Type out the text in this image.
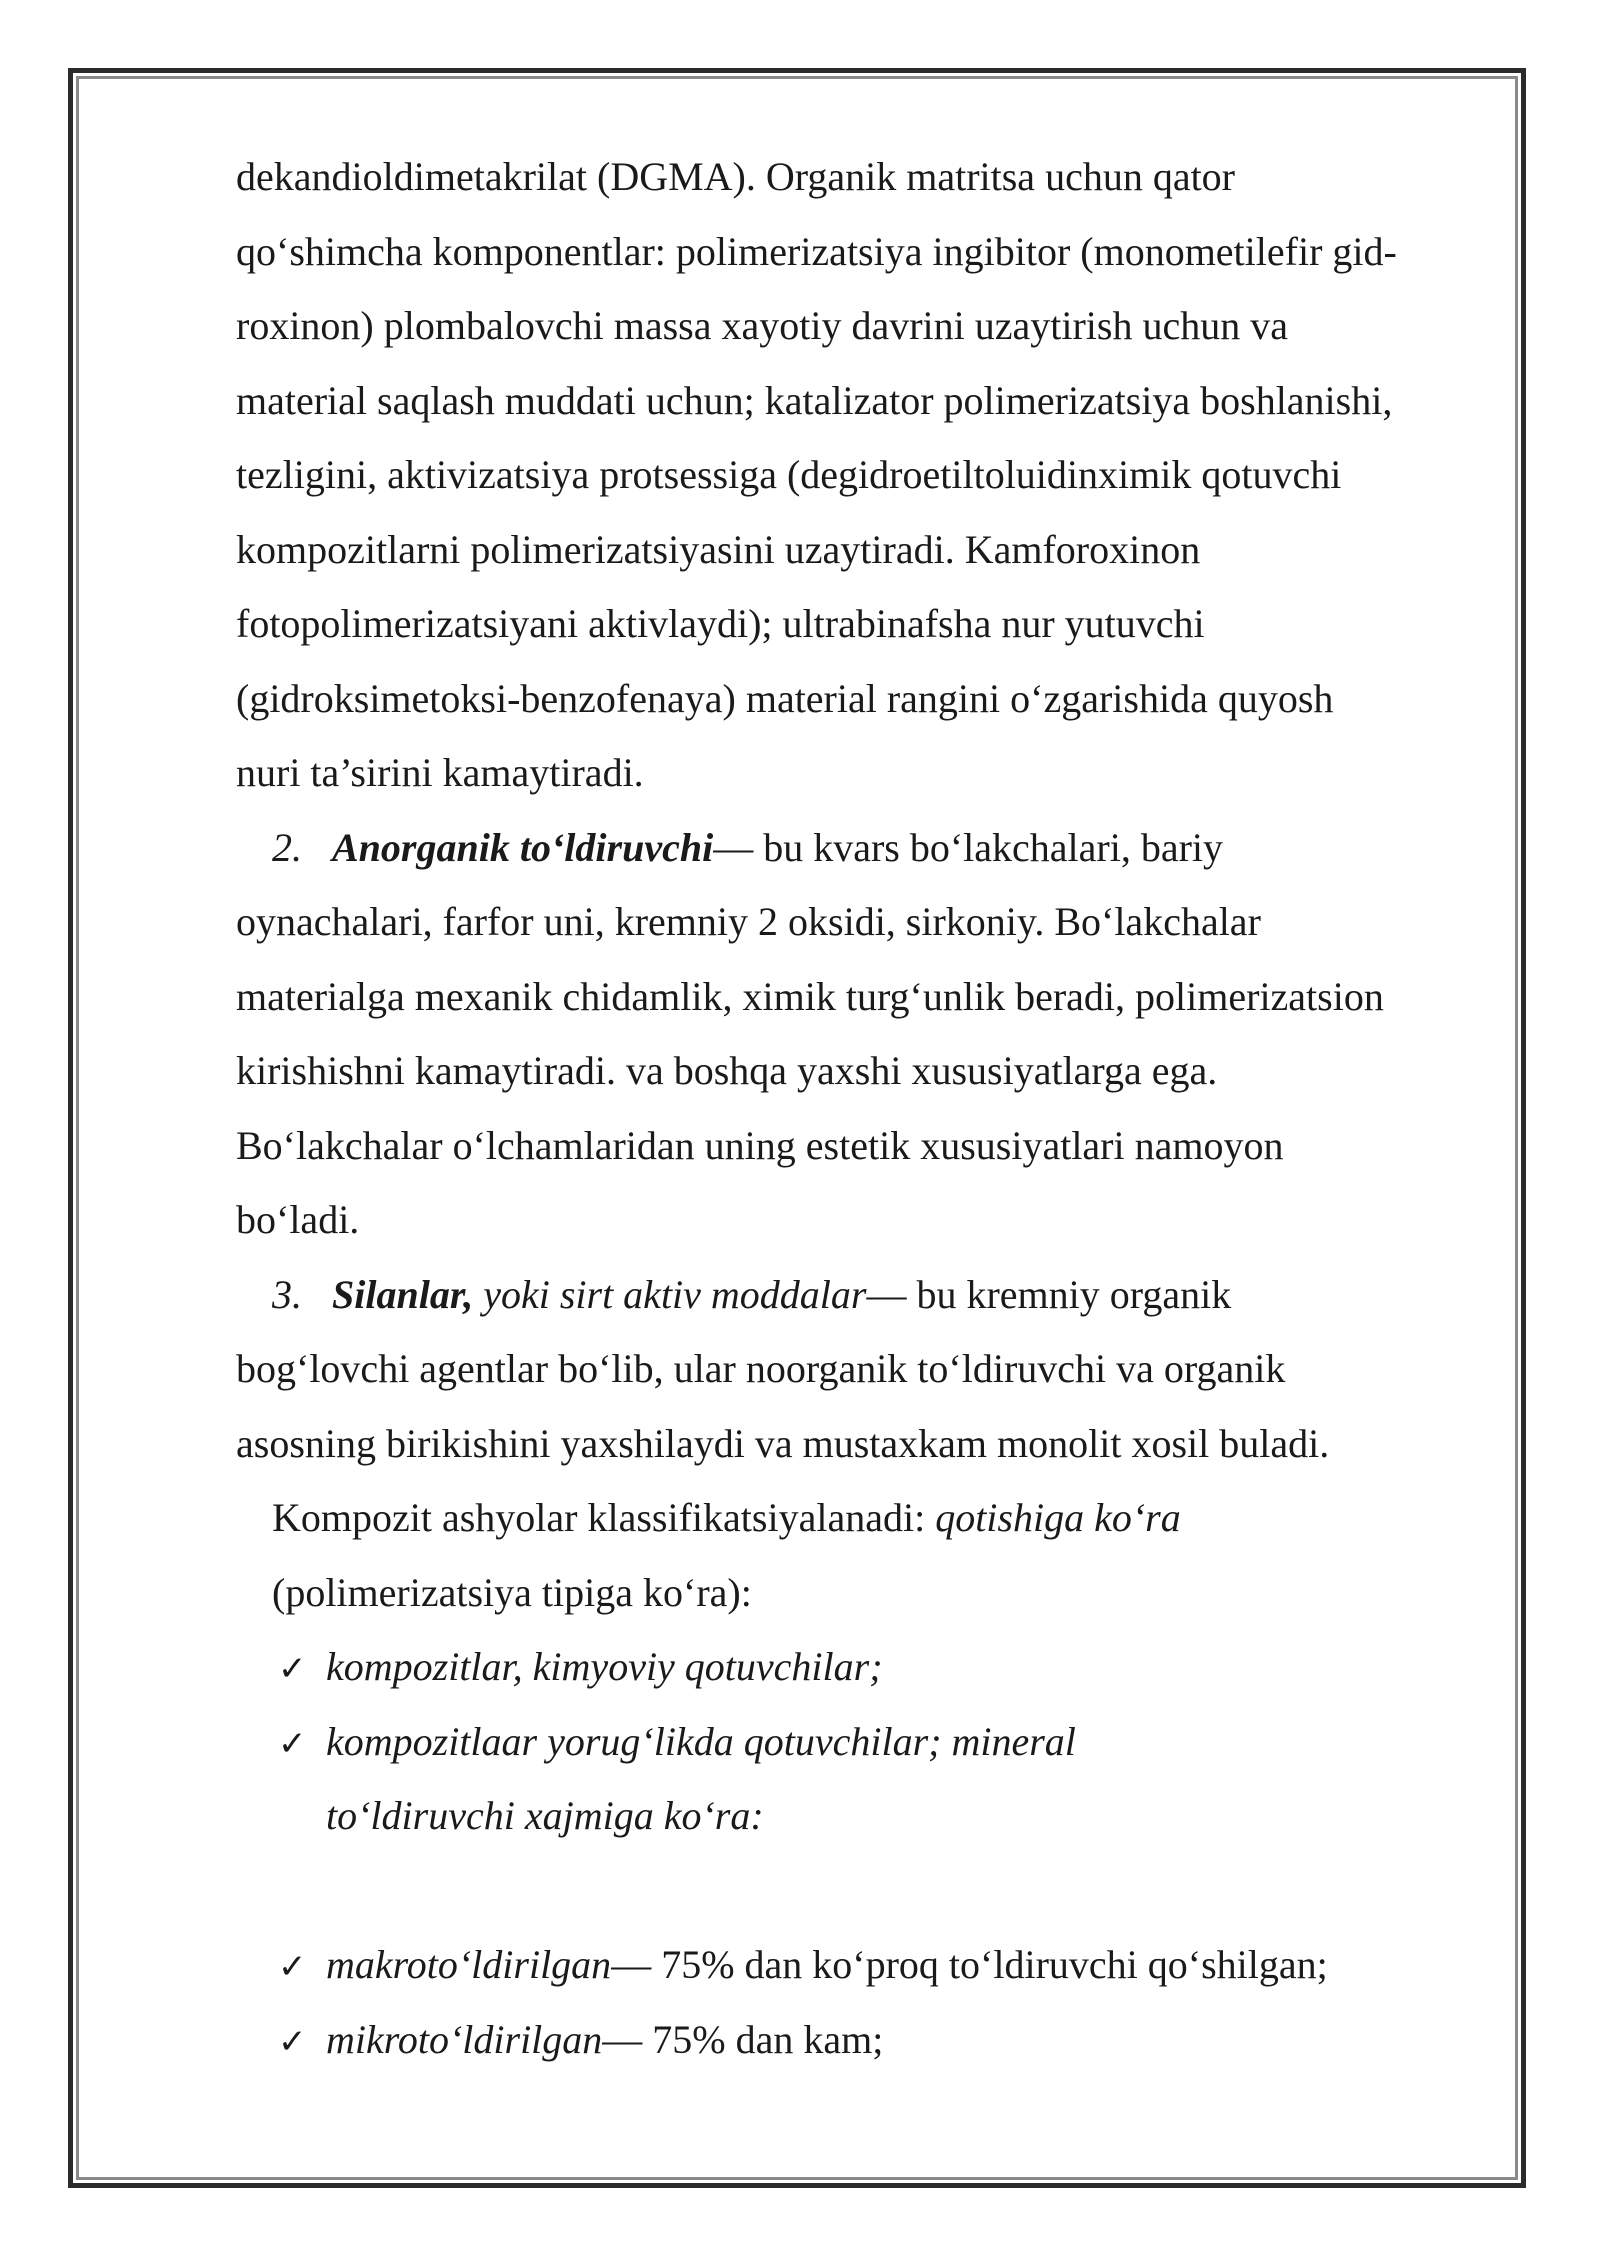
dekandioldimetakrilat (DGMA). Organik matritsa uchun qator
qo‘shimcha komponentlar: polimerizatsiya ingibitor (monometilefir gid-
roxinon) plombalovchi massa xayotiy davrini uzaytirish uchun va
material saqlash muddati uchun; katalizator polimerizatsiya boshlanishi,
tezligini, aktivizatsiya protsessiga (degidroetiltoluidinximik qotuvchi
kompozitlarni polimerizatsiyasini uzaytiradi. Kamforoxinon
fotopolimerizatsiyani aktivlaydi); ultrabinafsha nur yutuvchi
(gidroksimetoksi-benzofenaya) material rangini o‘zgarishida quyosh
nuri ta’sirini kamaytiradi.
2. Anorganik to‘ldiruvchi— bu kvars bo‘lakchalari, bariy
oynachalari, farfor uni, kremniy 2 oksidi, sirkoniy. Bo‘lakchalar
materialga mexanik chidamlik, ximik turg‘unlik beradi, polimerizatsion
kirishishni kamaytiradi. va boshqa yaxshi xususiyatlarga ega.
Bo‘lakchalar o‘lchamlaridan uning estetik xususiyatlari namoyon
bo‘ladi.
3. Silanlar, yoki sirt aktiv moddalar— bu kremniy organik
bog‘lovchi agentlar bo‘lib, ular noorganik to‘ldiruvchi va organik
asosning birikishini yaxshilaydi va mustaxkam monolit xosil buladi.
Kompozit ashyolar klassifikatsiyalanadi: qotishiga ko‘ra
(polimerizatsiya tipiga ko‘ra):
✓ kompozitlar, kimyoviy qotuvchilar;
✓ kompozitlaar yorug‘likda qotuvchilar; mineral
to‘ldiruvchi xajmiga ko‘ra:
✓ makroto‘ldirilgan— 75% dan ko‘proq to‘ldiruvchi qo‘shilgan;
✓ mikroto‘ldirilgan— 75% dan kam;
